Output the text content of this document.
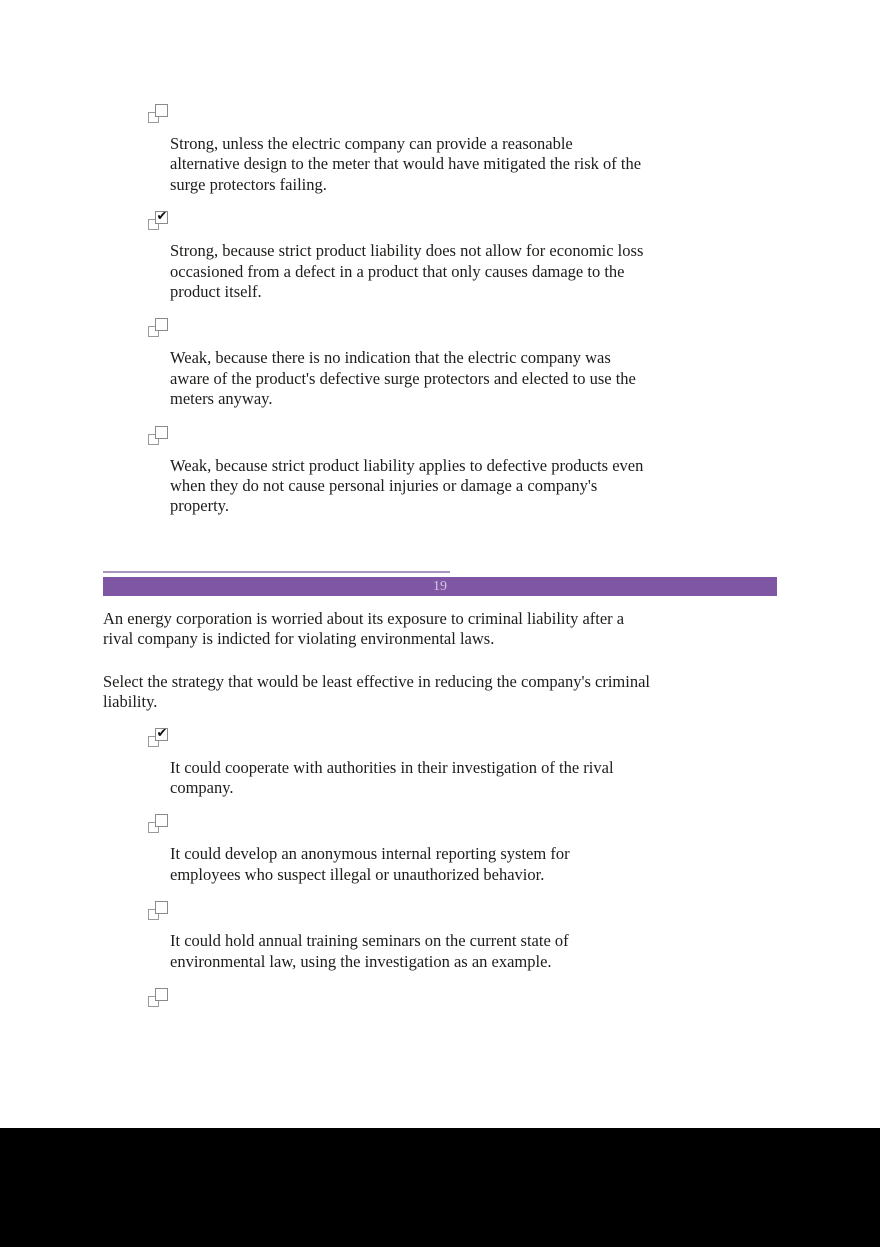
Strong, unless the electric company can provide a reasonable alternative design to the meter that would have mitigated the risk of the surge protectors failing.

✔

Strong, because strict product liability does not allow for economic loss occasioned from a defect in a product that only causes damage to the product itself.

Weak, because there is no indication that the electric company was aware of the product's defective surge protectors and elected to use the meters anyway.

Weak, because strict product liability applies to defective products even when they do not cause personal injuries or damage a company's property.

19

An energy corporation is worried about its exposure to criminal liability after a rival company is indicted for violating environmental laws.

Select the strategy that would be least effective in reducing the company's criminal liability.

✔

It could cooperate with authorities in their investigation of the rival company.

It could develop an anonymous internal reporting system for employees who suspect illegal or unauthorized behavior.

It could hold annual training seminars on the current state of environmental law, using the investigation as an example.
